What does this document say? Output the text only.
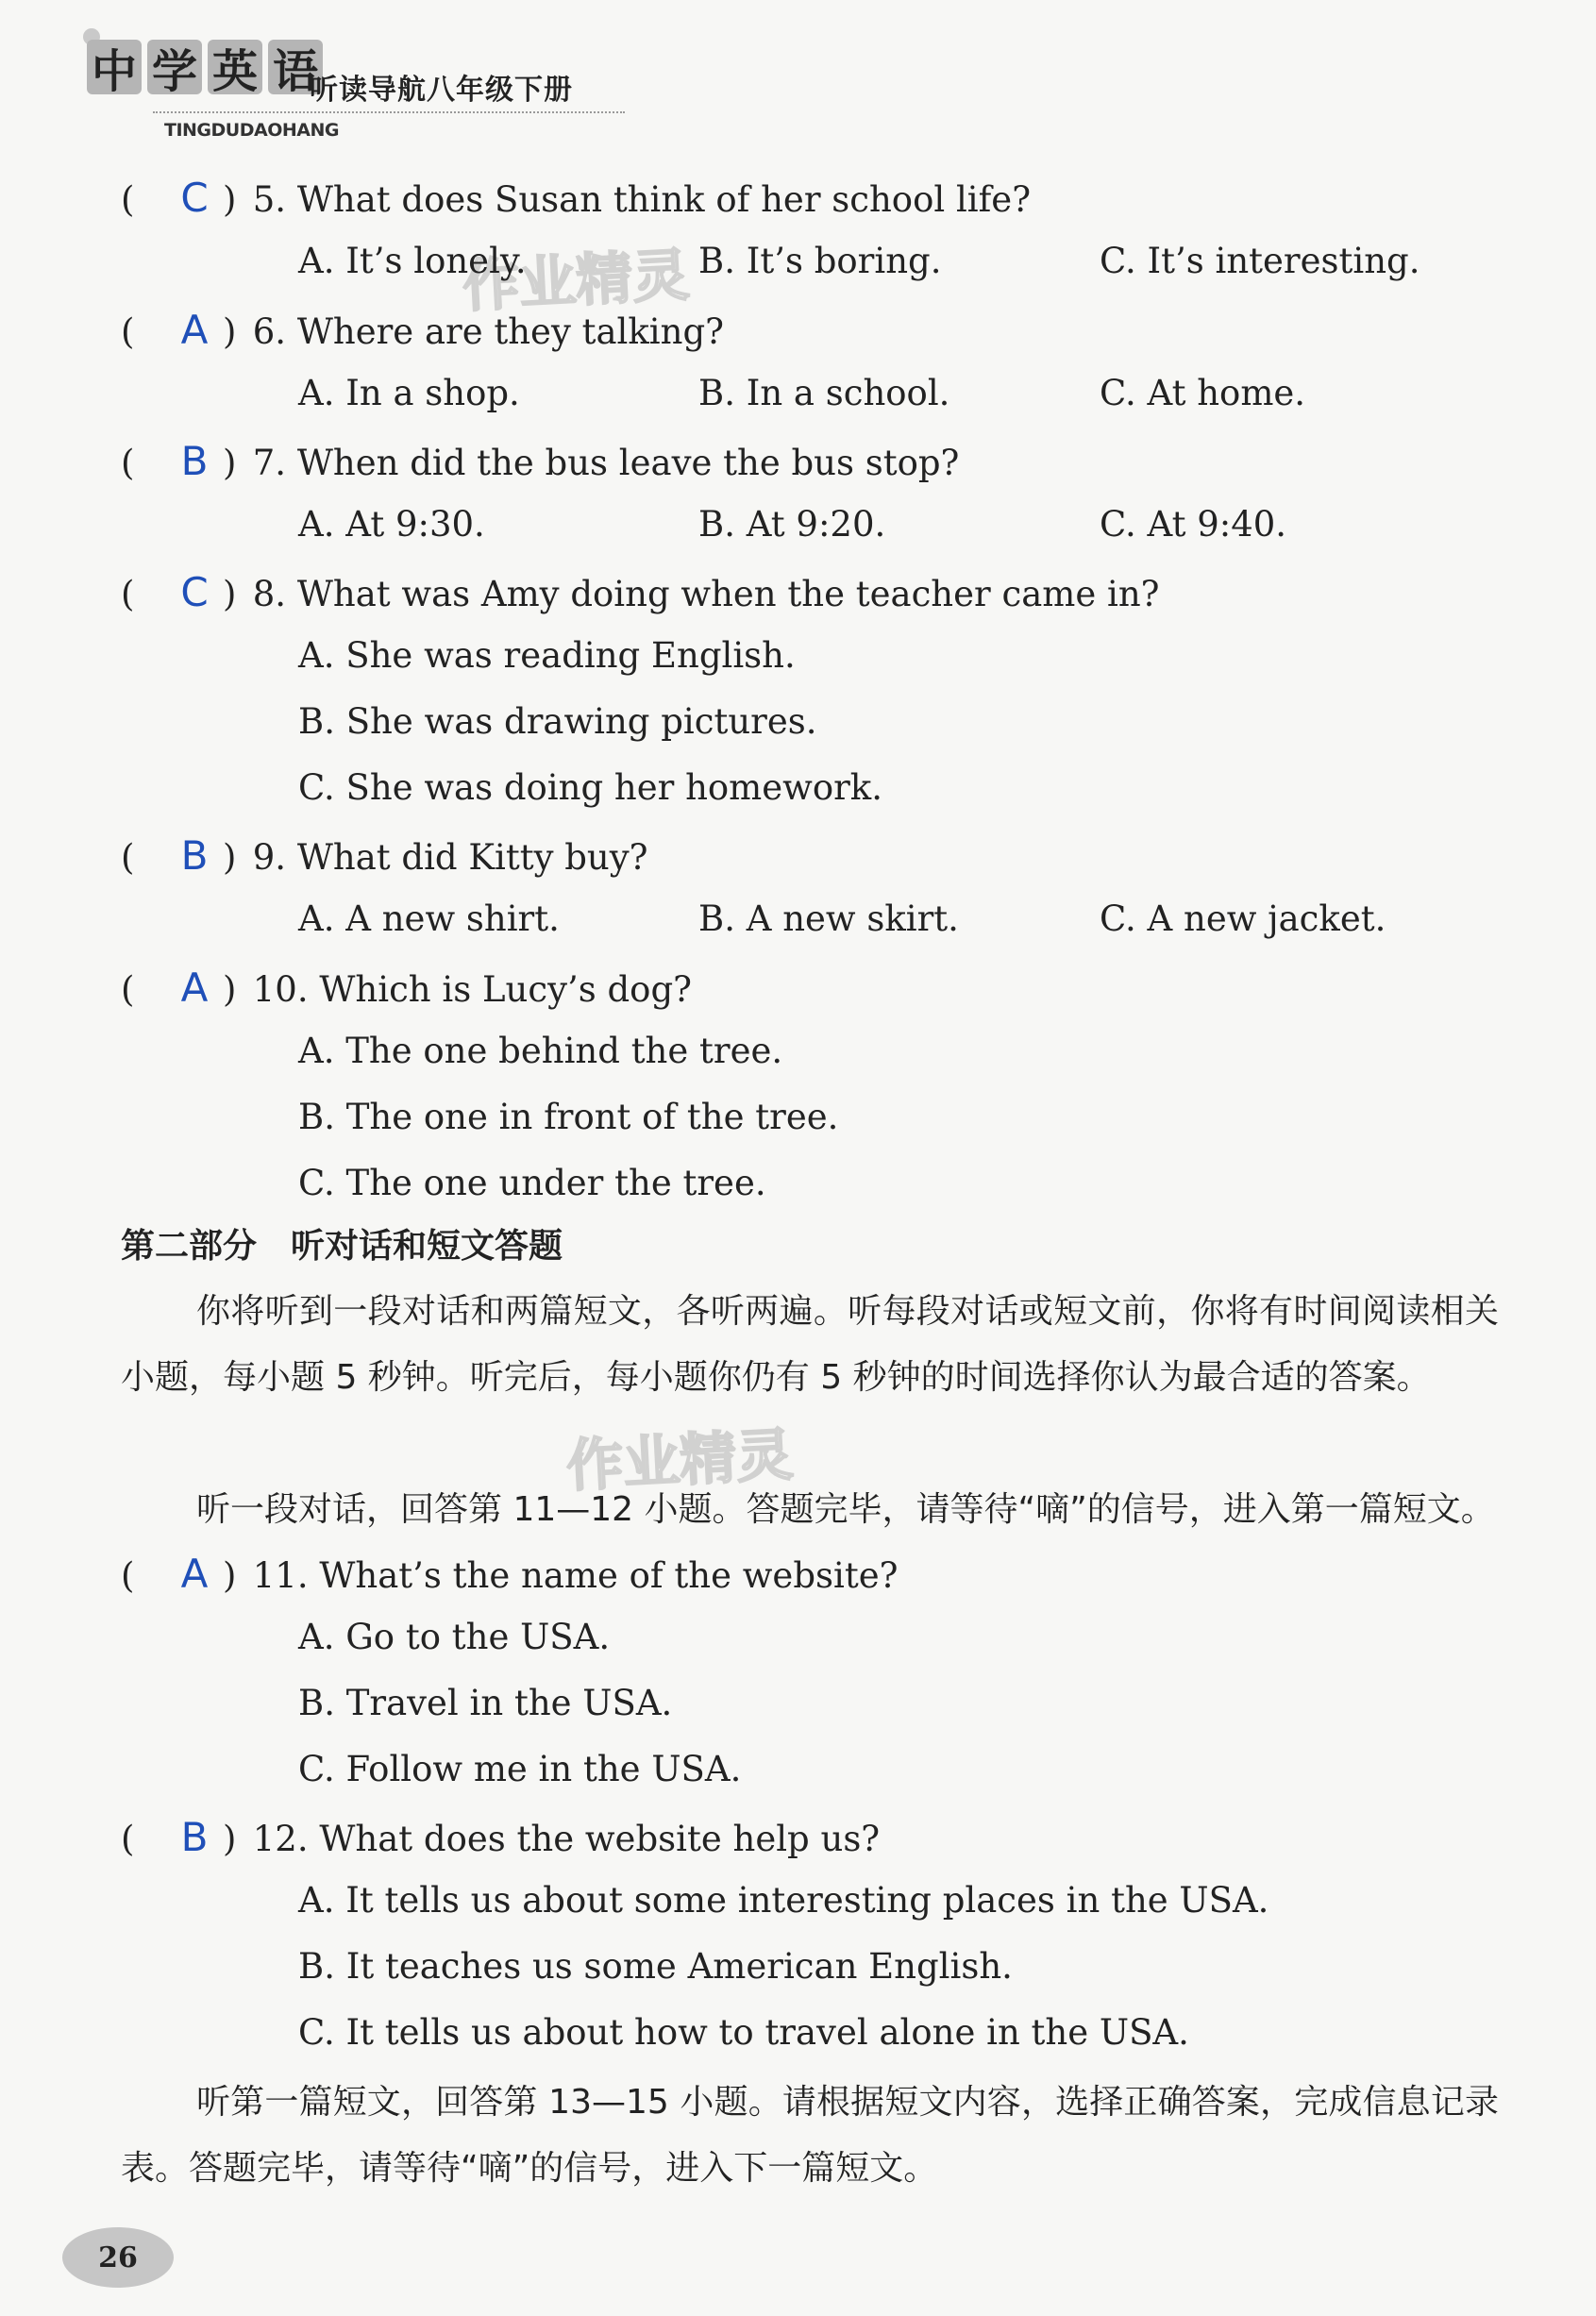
中 学 英 语
听读导航八年级下册
TINGDUDAOHANG
作业精灵
作业精灵
( C ) 5. What does Susan think of her school life?
A. It’s lonely.	B. It’s boring.	C. It’s interesting.
( A ) 6. Where are they talking?
A. In a shop.	B. In a school.	C. At home.
( B ) 7. When did the bus leave the bus stop?
A. At 9:30.	B. At 9:20.	C. At 9:40.
( C ) 8. What was Amy doing when the teacher came in?
A. She was reading English.
B. She was drawing pictures.
C. She was doing her homework.
( B ) 9. What did Kitty buy?
A. A new shirt.	B. A new skirt.	C. A new jacket.
( A ) 10. Which is Lucy’s dog?
A. The one behind the tree.
B. The one in front of the tree.
C. The one under the tree.
第二部分　听对话和短文答题
你将听到一段对话和两篇短文，各听两遍。听每段对话或短文前，你将有时间阅读相关小题，每小题 5 秒钟。听完后，每小题你仍有 5 秒钟的时间选择你认为最合适的答案。
听一段对话，回答第 11—12 小题。答题完毕，请等待“嘀”的信号，进入第一篇短文。
( A ) 11. What’s the name of the website?
A. Go to the USA.
B. Travel in the USA.
C. Follow me in the USA.
( B ) 12. What does the website help us?
A. It tells us about some interesting places in the USA.
B. It teaches us some American English.
C. It tells us about how to travel alone in the USA.
听第一篇短文，回答第 13—15 小题。请根据短文内容，选择正确答案，完成信息记录表。答题完毕，请等待“嘀”的信号，进入下一篇短文。
26
